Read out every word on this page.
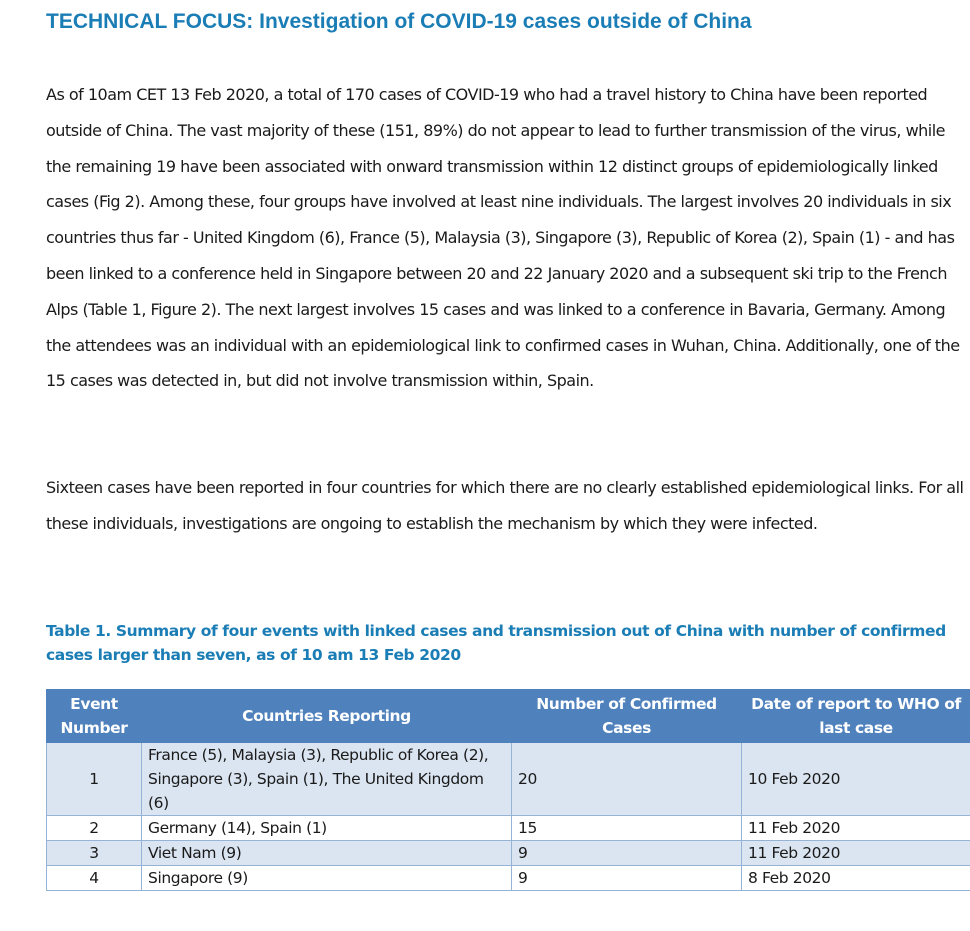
TECHNICAL FOCUS: Investigation of COVID-19 cases outside of China

As of 10am CET 13 Feb 2020, a total of 170 cases of COVID-19 who had a travel history to China have been reported outside of China. The vast majority of these (151, 89%) do not appear to lead to further transmission of the virus, while the remaining 19 have been associated with onward transmission within 12 distinct groups of epidemiologically linked cases (Fig 2). Among these, four groups have involved at least nine individuals. The largest involves 20 individuals in six countries thus far - United Kingdom (6), France (5), Malaysia (3), Singapore (3), Republic of Korea (2), Spain (1) - and has been linked to a conference held in Singapore between 20 and 22 January 2020 and a subsequent ski trip to the French Alps (Table 1, Figure 2). The next largest involves 15 cases and was linked to a conference in Bavaria, Germany. Among the attendees was an individual with an epidemiological link to confirmed cases in Wuhan, China. Additionally, one of the 15 cases was detected in, but did not involve transmission within, Spain.

Sixteen cases have been reported in four countries for which there are no clearly established epidemiological links. For all these individuals, investigations are ongoing to establish the mechanism by which they were infected.

Table 1. Summary of four events with linked cases and transmission out of China with number of confirmed cases larger than seven, as of 10 am 13 Feb 2020

Event Number	Countries Reporting	Number of Confirmed Cases	Date of report to WHO of last case
1	France (5), Malaysia (3), Republic of Korea (2), Singapore (3), Spain (1), The United Kingdom (6)	20	10 Feb 2020
2	Germany (14), Spain (1)	15	11 Feb 2020
3	Viet Nam (9)	9	11 Feb 2020
4	Singapore (9)	9	8 Feb 2020
